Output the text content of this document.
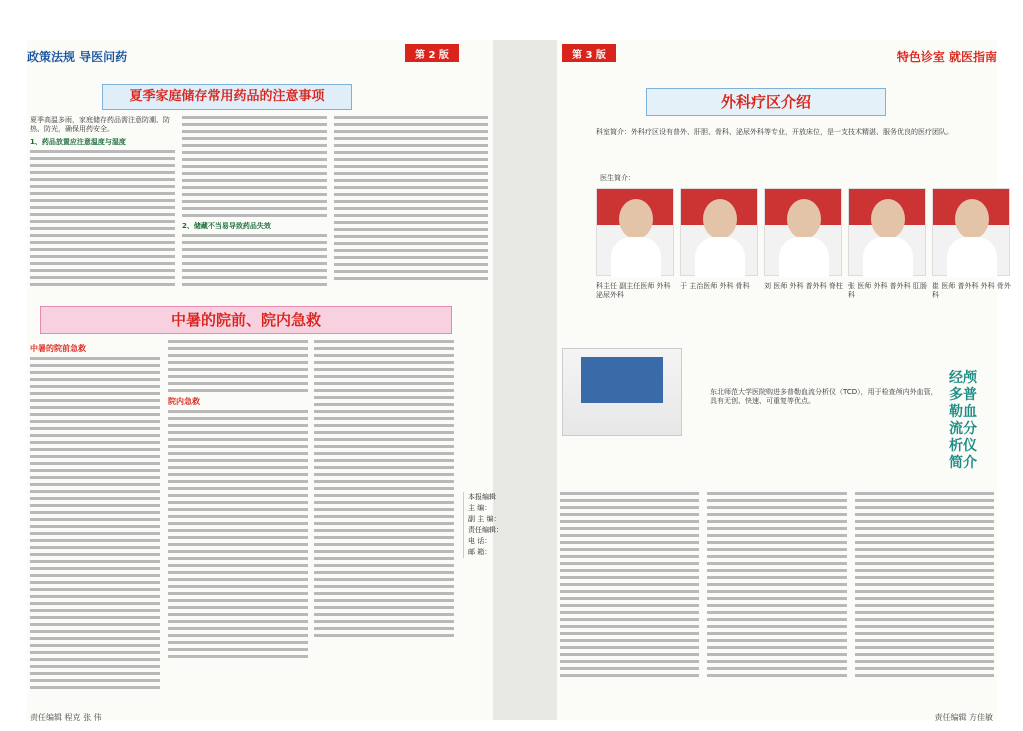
政策法规 导医问药	第 2 版	第 3 版	特色诊室 就医指南
夏季家庭储存常用药品的注意事项
夏季高温多雨，家庭储存药品需注意防潮、防热、防光，确保用药安全。
1、药品放置应注意温度与湿度
2、储藏不当易导致药品失效
中暑的院前、院内急救
中暑的院前急救
院内急救
外科疗区介绍
科室简介：外科疗区设有普外、肝胆、骨科、泌尿外科等专业，开放床位，是一支技术精湛、服务优良的医疗团队。
医生简介：
科主任 副主任医师 外科 泌尿外科
于 主治医师 外科 骨科	刘 医师 外科 普外科 脊柱 张 医师 外科 普外科 肛肠科
崔 医师 普外科 外科 骨外科
东北师范大学医院购进多普勒血流分析仪（TCD），用于检查颅内外血管，具有无创、快速、可重复等优点。
经颅多普勒血流分析仪简介
本报编辑
主 编：
副 主 编：
责任编辑：
电 话：
邮 箱：
责任编辑 程克 张 伟	责任编辑 方佳敏
